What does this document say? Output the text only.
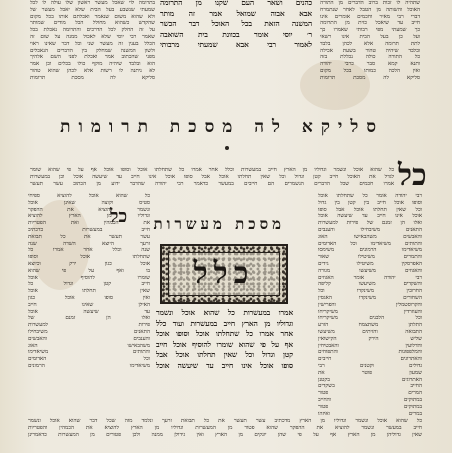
בתרומה לוי שאכל מעשר ראשון שלו עולה לו לכל
שמעתי שנשבע בעל הבית שלא יאכל מעשר של
ולא שהוא משום שנאמר ואכלתם אותו בכל מקום
שהקדש כשהוא מחולל הכל מודים שמותר
על זה החלק לכל הדרכים והתרומה נאכלת בכל
שאמר רבי יוסי שלא לאכול ממנה על שום זה
הכלל בענין זה מעשר שני וכל דבר שאינו ראוי
ולשון המשנה שמחלק בין הדברים הנאכלים
מפני שהכתוב אמר ואכלת לפני השם אלהיך
הוא ובלבד שיהיה מוקף כולו בכלים וכן אמר
לא ניתנה לו רשות אלא לכהן שהוא טהור
סליקא לה מסכת תרומות
כהנים ושאר העם שקנו מן התרומה
אבא אבוה שמואל אמר זה מותר
המשנה הזאת בכל האוכל דבר הכשר
ר׳ יוסי אומר בכוונת בית השואבה
לאמור רבי אבא שמעתי מרבותי
שתהיה לו זכות ברוב הדברים מן התורה
האוכל והשותה מן הטבל לאחר שנתמרח
דברי רבי מאיר וחכמים אומרים אינו
חייב עד שיאכל כזית מן התרומה
כך שמעתי מפי רבותי שאמרו כך
ועל כן בעל הבית אינו רשאי
לתת תרומה אלא לכהן בלבד
ובלבד שיהיה טהור בשעת אכילה
כל התורה כולה נכללת בזה
ותנא קמא סבר כרבי יהודה
ואין הלכה כמותו בכל מקום
סליקא לה מסכת תרומות
סליקא לה מסכת תרומות
כל
כל שהוא אוכל ונשמר וגדוליו מן הארץ חייב במעשרות וכלל אחר אמרו כל שתחלתו אוכל וסופו אוכל אף על פי שהוא שומר
לגדל את האוכל חייב קטן וגדול וכל שאין תחלתו אוכל אבל סופו אוכל אינו חייב עד שיעשה אוכל וכן במעשרות
אמרו חכמים שכל הדברים הנשמרים הם חייבים במעשר כדאמר רבי יהודה שהדבר ידוע מן הכתוב עשר תעשר
כל מסכת מעשרות
כלל
כל שהוא אוכל להוציא ספיחי
סטיס וקוצה שאינן אוכל
ונשמר להוציא את ההפקר
וגדוליו מן הארץ להוציא
את הכמהין ואת הפטריות
חייב במעשרות כדכתיב
עשר תעשר את כל תבואת
זרעך היוצא השדה שנה
שנה וכלל אחר אמרו כל
שתחלתו אוכל וסופו
אוכל כגון ירק וכיוצא
בו ואף על פי שהוא
שומרו להוסיף אוכל
חייב קטן וגדול כל
שאין תחלתו אוכל
ואין סופו אוכל כגון
האילן שאינו חייב
עד שיעשה אוכל
ואלו הן זמנם של
פירות למעשרות
התאנים משיבחילו
והענבים והאבשים
משהבאישו האוג
והתותים משיאדימו
וכל האדומים
משיאדימו הרמונים
אמרו במעשרות כל שהוא אוכל ונשמר
וגדוליו מן הארץ חייב במעשרות ועוד כלל
אחר אמרו כל שתחלתו אוכל וסופו אוכל
אף על פי שהוא שומרו להוסיף אוכל חייב
קטן וגדול וכל שאין תחלתו אוכל אבל
סופו אוכל אינו חייב עד שיעשה אוכל
רבי יהודה אומר כל שתחלתו אוכל
וסופו אוכל חייב בין קטן בין גדול
וכל שאין תחלתו אוכל אבל סופו
אוכל אינו חייב עד שיעשה אוכל
ואלו הן זמנם של פירות למעשרות
התאנים משיבחילו והענבים
והאבשים משהבאישו האוג
והתותים משיאדימו וכל האדומים
משיאדימו הרמונים משימסו
והתמרים משיטילו שאור
האפרסקין משיטילו גידים
והאגוזים משיעשו מגורה
רבי יהודה אומר האגוזים
והשקדים משיעשו קליפה
החרובין משינקדו וכל
השחורים משינקדו האגסין
והקרוסטמלין והפרישין
והעוזרדין משיקריחו
וכל הלבנים משיקריחו
התלתן משתצמח הזרע
התבואה והזיתים משיעשו
שליש הירק הקישואין
והדלועין והאבטיחין
והמלפפונות והתפוחים
והאתרוגים חייבים
גדולים וקטנים רבי
שמעון פוטר את
האתרוגים בקטנן
החייב בשקדים
המרים פטור
במתוקים והחייב
במתוקים פטור
במרים ואיזהו
כל שהוא אוכל ונשמר וגדוליו מן הארץ מדכתיב עשר תעשר את כל תבואת זרעך ונלמד מזה שכל דבר שהוא אוכל ונשמר
חייב במעשר ונשמר להוציא את ההפקר שהוא פטור מן המעשרות וגדוליו מן הארץ להוציא את הכמהין והפטריות
שאין גדוליהן מן הארץ אף על פי שהן יונקים מן הארץ ואין גידולן ממנה ולכן פטורים מן המעשרות כדאמרינן
